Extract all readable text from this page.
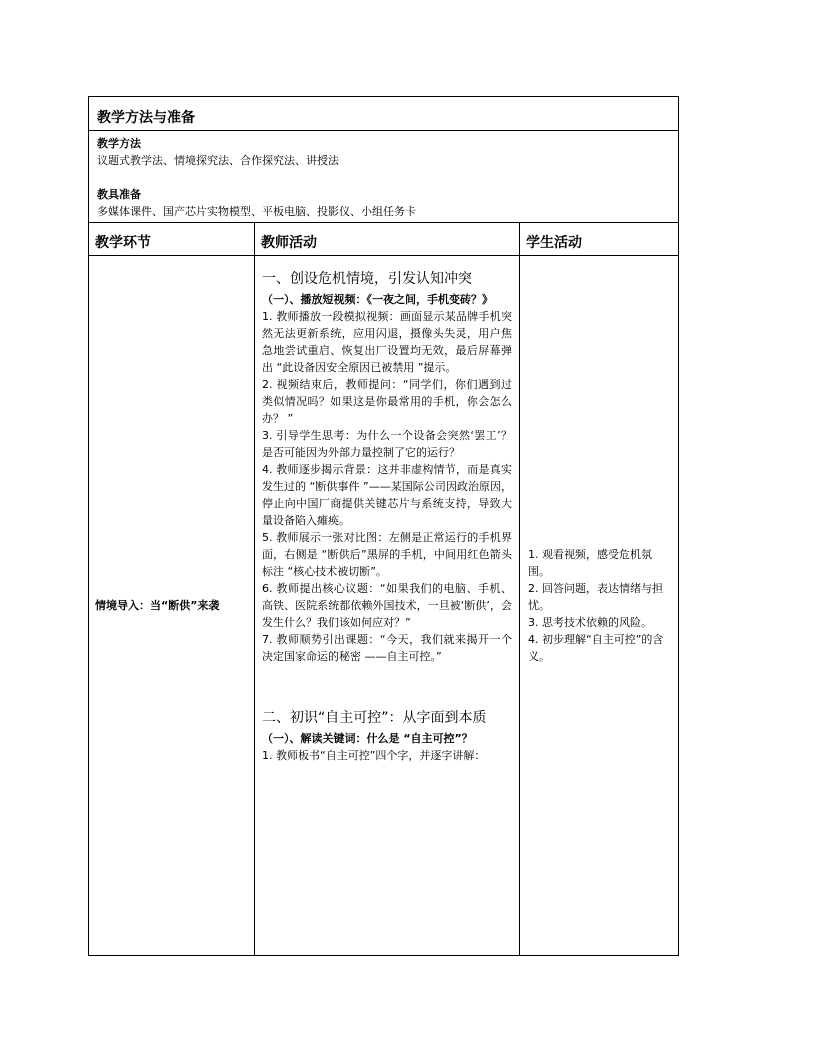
教学方法与准备
教学方法
议题式教学法、情境探究法、合作探究法、讲授法
教具准备
多媒体课件、国产芯片实物模型、平板电脑、投影仪、小组任务卡
教学环节	教师活动	学生活动
情境导入：当“断供”来袭
一、创设危机情境，引发认知冲突

（一）、播放短视频：《一夜之间，手机变砖？》

1. 教师播放一段模拟视频：画面显示某品牌手机突然无法更新系统，应用闪退，摄像头失灵，用户焦急地尝试重启、恢复出厂设置均无效，最后屏幕弹出 “此设备因安全原因已被禁用 ”提示。

2. 视频结束后，教师提问：“同学们，你们遇到过类似情况吗？如果这是你最常用的手机，你会怎么办？ ”

3. 引导学生思考：为什么一个设备会突然‘罢工’？是否可能因为外部力量控制了它的运行？

4. 教师逐步揭示背景：这并非虚构情节，而是真实发生过的 “断供事件 ”——某国际公司因政治原因，停止向中国厂商提供关键芯片与系统支持，导致大量设备陷入瘫痪。

5. 教师展示一张对比图：左侧是正常运行的手机界面，右侧是 “断供后”黑屏的手机，中间用红色箭头标注 “核心技术被切断”。

6. 教师提出核心议题：“如果我们的电脑、手机、高铁、医院系统都依赖外国技术，一旦被‘断供’，会发生什么？我们该如何应对？”

7. 教师顺势引出课题：“今天，我们就来揭开一个决定国家命运的秘密 ——自主可控。”

二、初识“自主可控”：从字面到本质

（一）、解读关键词：什么是 “自主可控”？

1. 教师板书“自主可控”四个字，并逐字讲解：

1. 观看视频，感受危机氛围。

2. 回答问题，表达情绪与担忧。

3. 思考技术依赖的风险。

4. 初步理解“自主可控”的含义。
